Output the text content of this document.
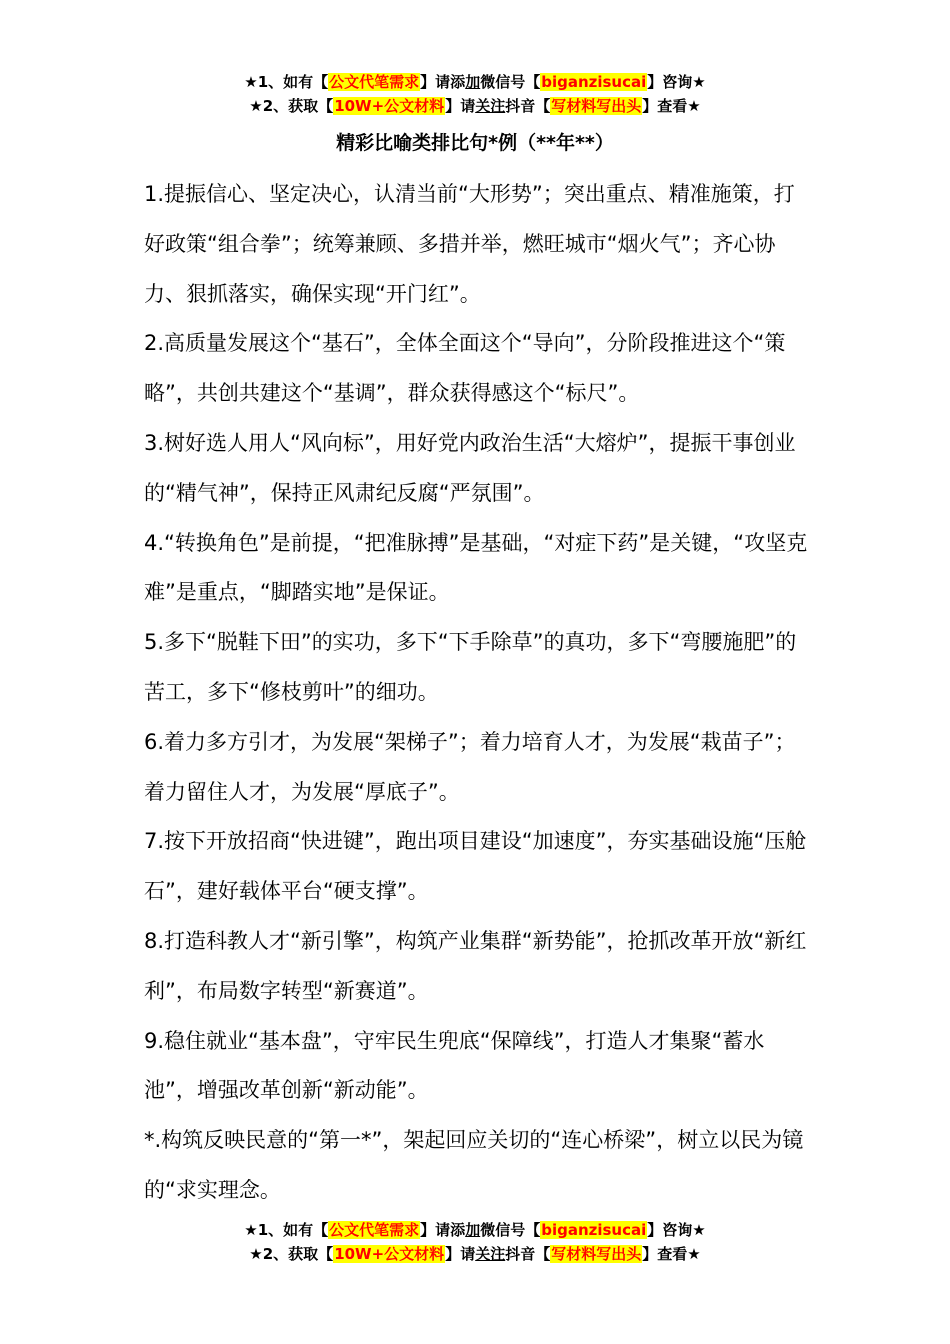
★1、如有【公文代笔需求】请添加微信号【biganzisucai】咨询★
★2、获取【10W+公文材料】请关注抖音【写材料写出头】查看★
精彩比喻类排比句*例（**年**）

1.提振信心、坚定决心，认清当前“大形势”；突出重点、精准施策，打好政策“组合拳”；统筹兼顾、多措并举，燃旺城市“烟火气”；齐心协力、狠抓落实，确保实现“开门红”。

2.高质量发展这个“基石”，全体全面这个“导向”，分阶段推进这个“策略”，共创共建这个“基调”，群众获得感这个“标尺”。

3.树好选人用人“风向标”，用好党内政治生活“大熔炉”，提振干事创业的“精气神”，保持正风肃纪反腐“严氛围”。

4.“转换角色”是前提，“把准脉搏”是基础，“对症下药”是关键，“攻坚克难”是重点，“脚踏实地”是保证。

5.多下“脱鞋下田”的实功，多下“下手除草”的真功，多下“弯腰施肥”的苦工，多下“修枝剪叶”的细功。

6.着力多方引才，为发展“架梯子”；着力培育人才，为发展“栽苗子”；着力留住人才，为发展“厚底子”。

7.按下开放招商“快进键”，跑出项目建设“加速度”，夯实基础设施“压舱石”，建好载体平台“硬支撑”。

8.打造科教人才“新引擎”，构筑产业集群“新势能”，抢抓改革开放“新红利”，布局数字转型“新赛道”。

9.稳住就业“基本盘”，守牢民生兜底“保障线”，打造人才集聚“蓄水池”，增强改革创新“新动能”。

*.构筑反映民意的“第一*”，架起回应关切的“连心桥梁”，树立以民为镜的“求实理念。

★1、如有【公文代笔需求】请添加微信号【biganzisucai】咨询★
★2、获取【10W+公文材料】请关注抖音【写材料写出头】查看★
